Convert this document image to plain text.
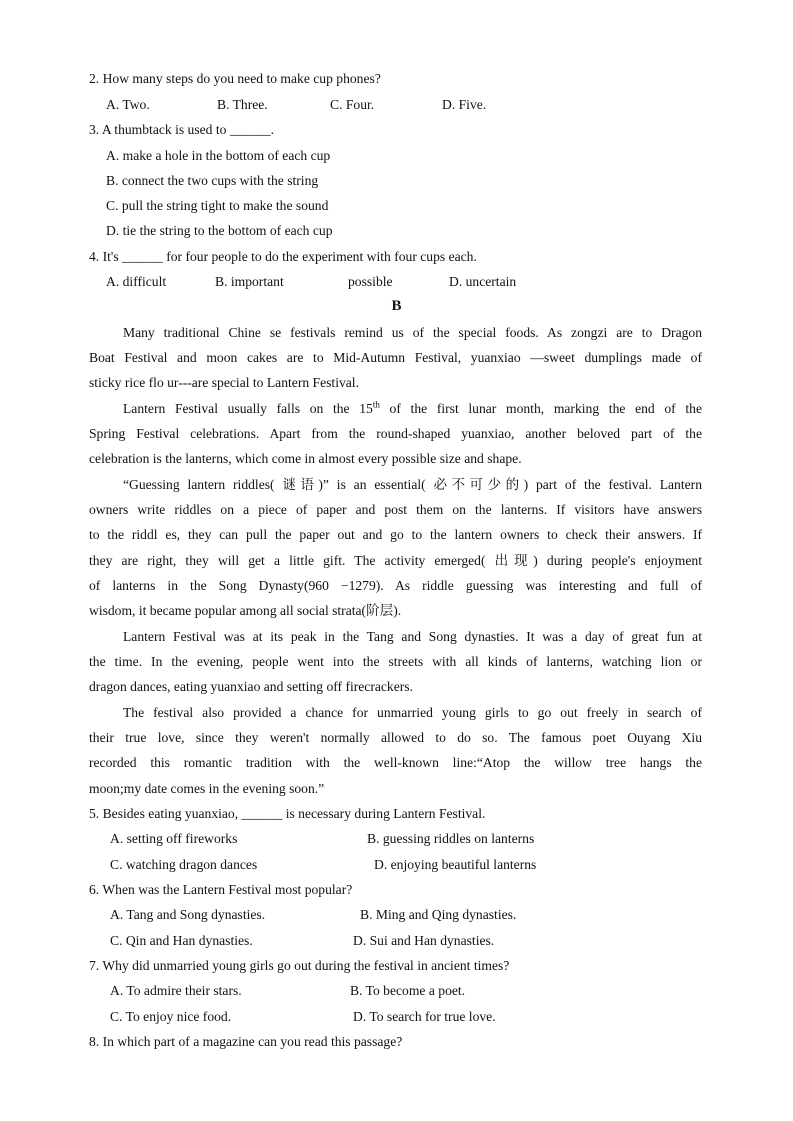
2. How many steps do you need to make cup phones?
A. Two.	B. Three.	C. Four.	D. Five.
3. A thumbtack is used to ______.
A. make a hole in the bottom of each cup
B. connect the two cups with the string
C. pull the string tight to make the sound
D. tie the string to the bottom of each cup
4. It's ______ for four people to do the experiment with four cups each.
A. difficult	B. important	possible	D. uncertain
B
Many traditional Chine se festivals remind us of the special foods. As zongzi are to Dragon
Boat Festival and moon cakes are to Mid-Autumn Festival, yuanxiao —sweet dumplings made of
sticky rice flo ur---are special to Lantern Festival.
Lantern Festival usually falls on the 15th of the first lunar month, marking the end of the
Spring Festival celebrations. Apart from the round-shaped yuanxiao, another beloved part of the
celebration is the lanterns, which come in almost every possible size and shape.
“Guessing lantern riddles( 谜语)” is an essential( 必不可少的) part of the festival. Lantern
owners write riddles on a piece of paper and post them on the lanterns. If visitors have answers
to the riddl es, they can pull the paper out and go to the lantern owners to check their answers. If
they are right, they will get a little gift. The activity emerged( 出现) during people's enjoyment
of lanterns in the Song Dynasty(960 −1279). As riddle guessing was interesting and full of
wisdom, it became popular among all social strata(阶层).
Lantern Festival was at its peak in the Tang and Song dynasties. It was a day of great fun at
the time. In the evening, people went into the streets with all kinds of lanterns, watching lion or
dragon dances, eating yuanxiao and setting off firecrackers.
The festival also provided a chance for unmarried young girls to go out freely in search of
their true love, since they weren't normally allowed to do so. The famous poet Ouyang Xiu
recorded this romantic tradition with the well-known line:“Atop the willow tree hangs the
moon;my date comes in the evening soon.”
5. Besides eating yuanxiao, ______ is necessary during Lantern Festival.
A. setting off fireworks	B. guessing riddles on lanterns
C. watching dragon dances	D. enjoying beautiful lanterns
6. When was the Lantern Festival most popular?
A. Tang and Song dynasties.	B. Ming and Qing dynasties.
C. Qin and Han dynasties.	D. Sui and Han dynasties.
7. Why did unmarried young girls go out during the festival in ancient times?
A. To admire their stars.	B. To become a poet.
C. To enjoy nice food.	D. To search for true love.
8. In which part of a magazine can you read this passage?
